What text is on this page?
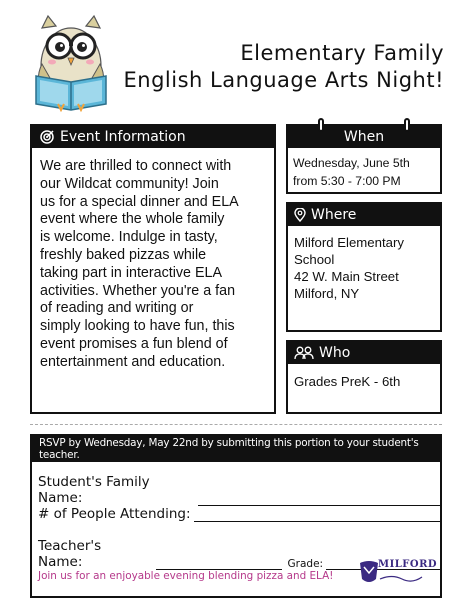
Elementary Family
English Language Arts Night!
Event Information
We are thrilled to connect with
our Wildcat community! Join
us for a special dinner and ELA
event where the whole family
is welcome. Indulge in tasty,
freshly baked pizzas while
taking part in interactive ELA
activities. Whether you're a fan
of reading and writing or
simply looking to have fun, this
event promises a fun blend of
entertainment and education.
When
Wednesday, June 5th
from 5:30 - 7:00 PM
Where
Milford Elementary
School
42 W. Main Street
Milford, NY
Who
Grades PreK - 6th
RSVP by Wednesday, May 22nd by submitting this portion to your student's teacher.
Student's Family Name:
# of People Attending:
Teacher's Name:	Grade:
Join us for an enjoyable evening blending pizza and ELA!
MILFORD
